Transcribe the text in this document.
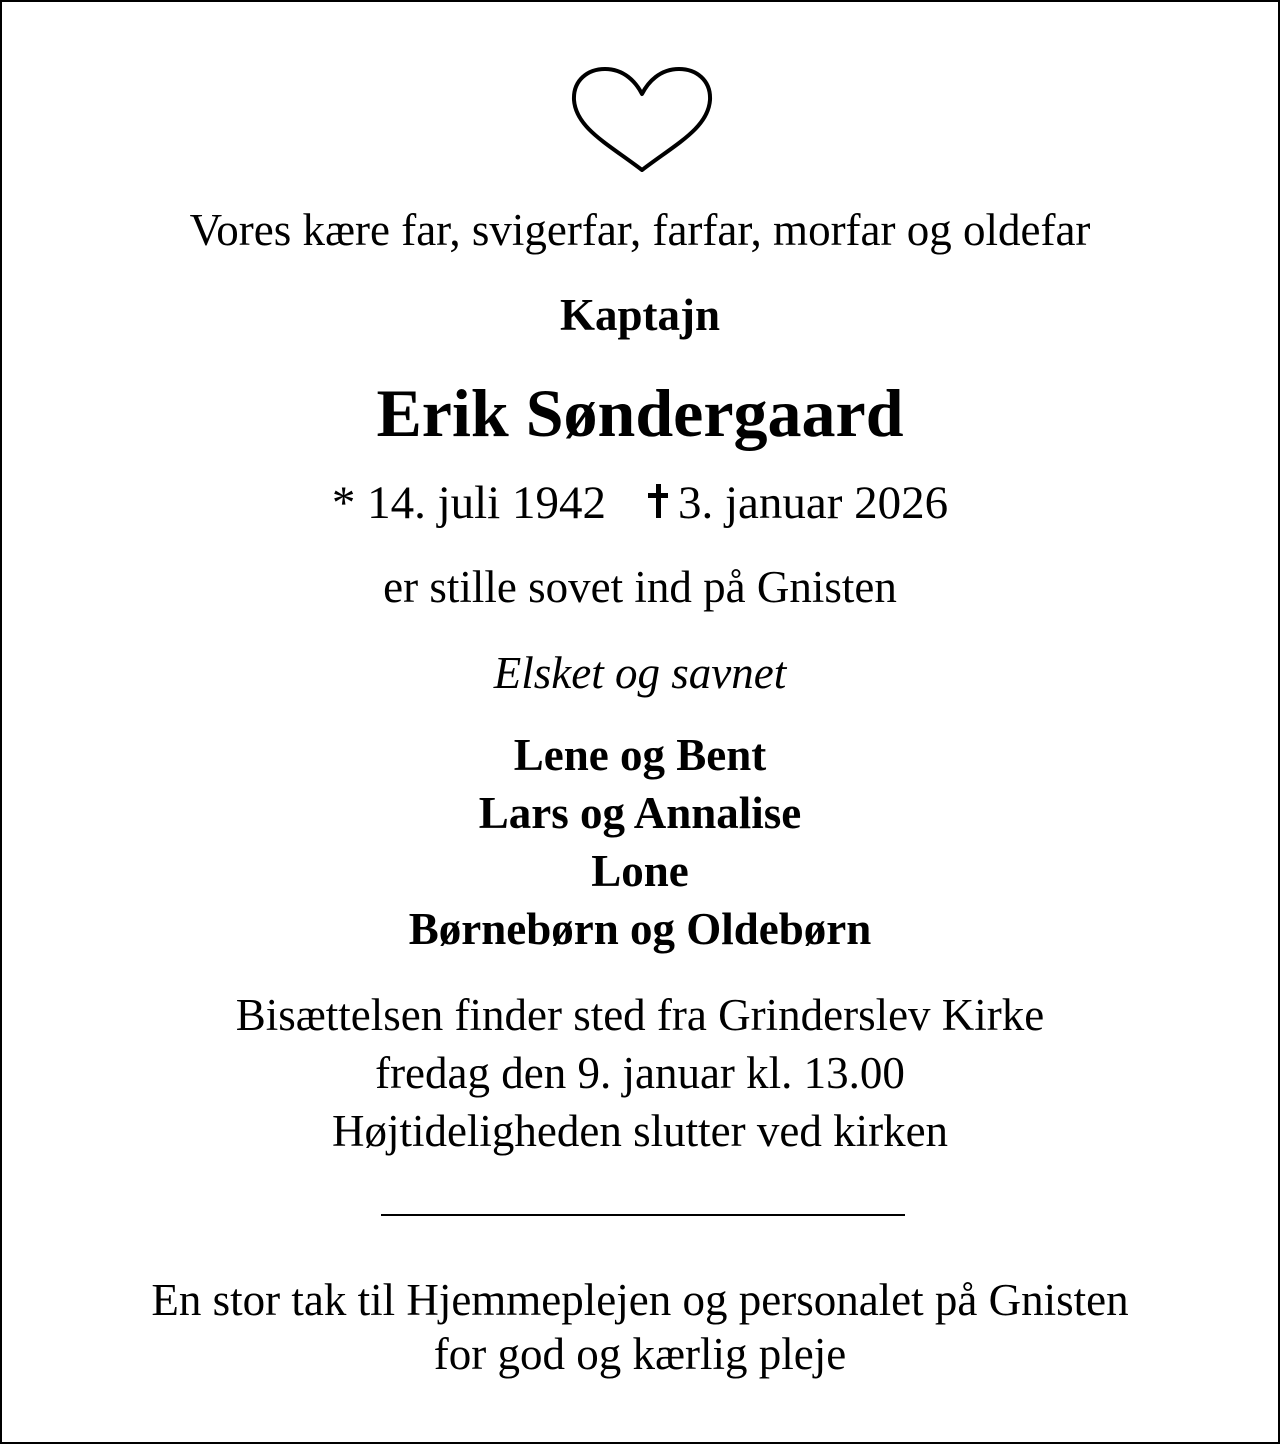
Vores kære far, svigerfar, farfar, morfar og oldefar
Kaptajn
Erik Søndergaard
* 14. juli 1942 3. januar 2026
er stille sovet ind på Gnisten
Elsket og savnet
Lene og Bent
Lars og Annalise
Lone
Børnebørn og Oldebørn
Bisættelsen finder sted fra Grinderslev Kirke
fredag den 9. januar kl. 13.00
Højtideligheden slutter ved kirken
En stor tak til Hjemmeplejen og personalet på Gnisten
for god og kærlig pleje
